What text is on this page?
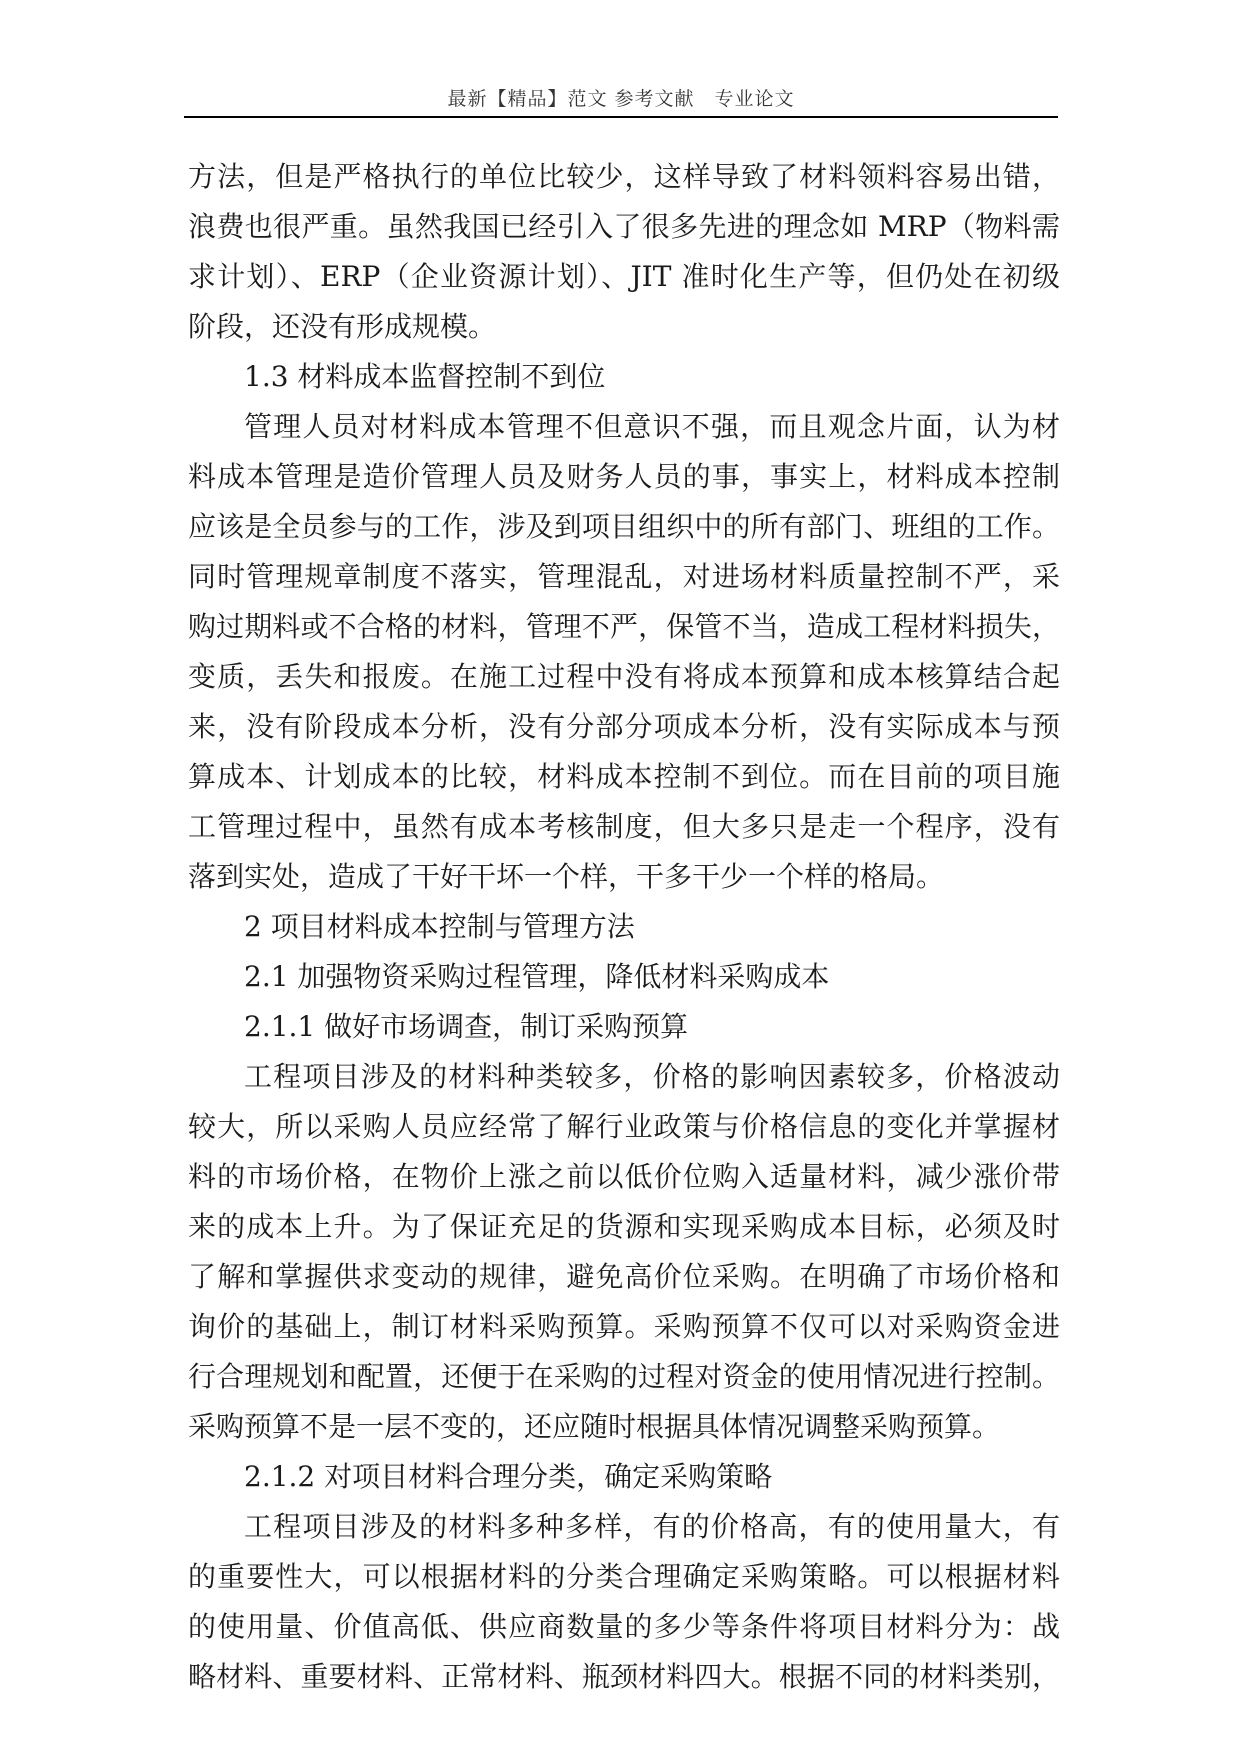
最新【精品】范文 参考文献　专业论文
方法，但是严格执行的单位比较少，这样导致了材料领料容易出错，
浪费也很严重。虽然我国已经引入了很多先进的理念如 MRP（物料需
求计划）、ERP（企业资源计划）、JIT 准时化生产等，但仍处在初级
阶段，还没有形成规模。
1.3 材料成本监督控制不到位
管理人员对材料成本管理不但意识不强，而且观念片面，认为材
料成本管理是造价管理人员及财务人员的事，事实上，材料成本控制
应该是全员参与的工作，涉及到项目组织中的所有部门、班组的工作。
同时管理规章制度不落实，管理混乱，对进场材料质量控制不严，采
购过期料或不合格的材料，管理不严，保管不当，造成工程材料损失，
变质，丢失和报废。在施工过程中没有将成本预算和成本核算结合起
来，没有阶段成本分析，没有分部分项成本分析，没有实际成本与预
算成本、计划成本的比较，材料成本控制不到位。而在目前的项目施
工管理过程中，虽然有成本考核制度，但大多只是走一个程序，没有
落到实处，造成了干好干坏一个样，干多干少一个样的格局。
2 项目材料成本控制与管理方法
2.1 加强物资采购过程管理，降低材料采购成本
2.1.1 做好市场调查，制订采购预算
工程项目涉及的材料种类较多，价格的影响因素较多，价格波动
较大，所以采购人员应经常了解行业政策与价格信息的变化并掌握材
料的市场价格，在物价上涨之前以低价位购入适量材料，减少涨价带
来的成本上升。为了保证充足的货源和实现采购成本目标，必须及时
了解和掌握供求变动的规律，避免高价位采购。在明确了市场价格和
询价的基础上，制订材料采购预算。采购预算不仅可以对采购资金进
行合理规划和配置，还便于在采购的过程对资金的使用情况进行控制。
采购预算不是一层不变的，还应随时根据具体情况调整采购预算。
2.1.2 对项目材料合理分类，确定采购策略
工程项目涉及的材料多种多样，有的价格高，有的使用量大，有
的重要性大，可以根据材料的分类合理确定采购策略。可以根据材料
的使用量、价值高低、供应商数量的多少等条件将项目材料分为：战
略材料、重要材料、正常材料、瓶颈材料四大。根据不同的材料类别，
